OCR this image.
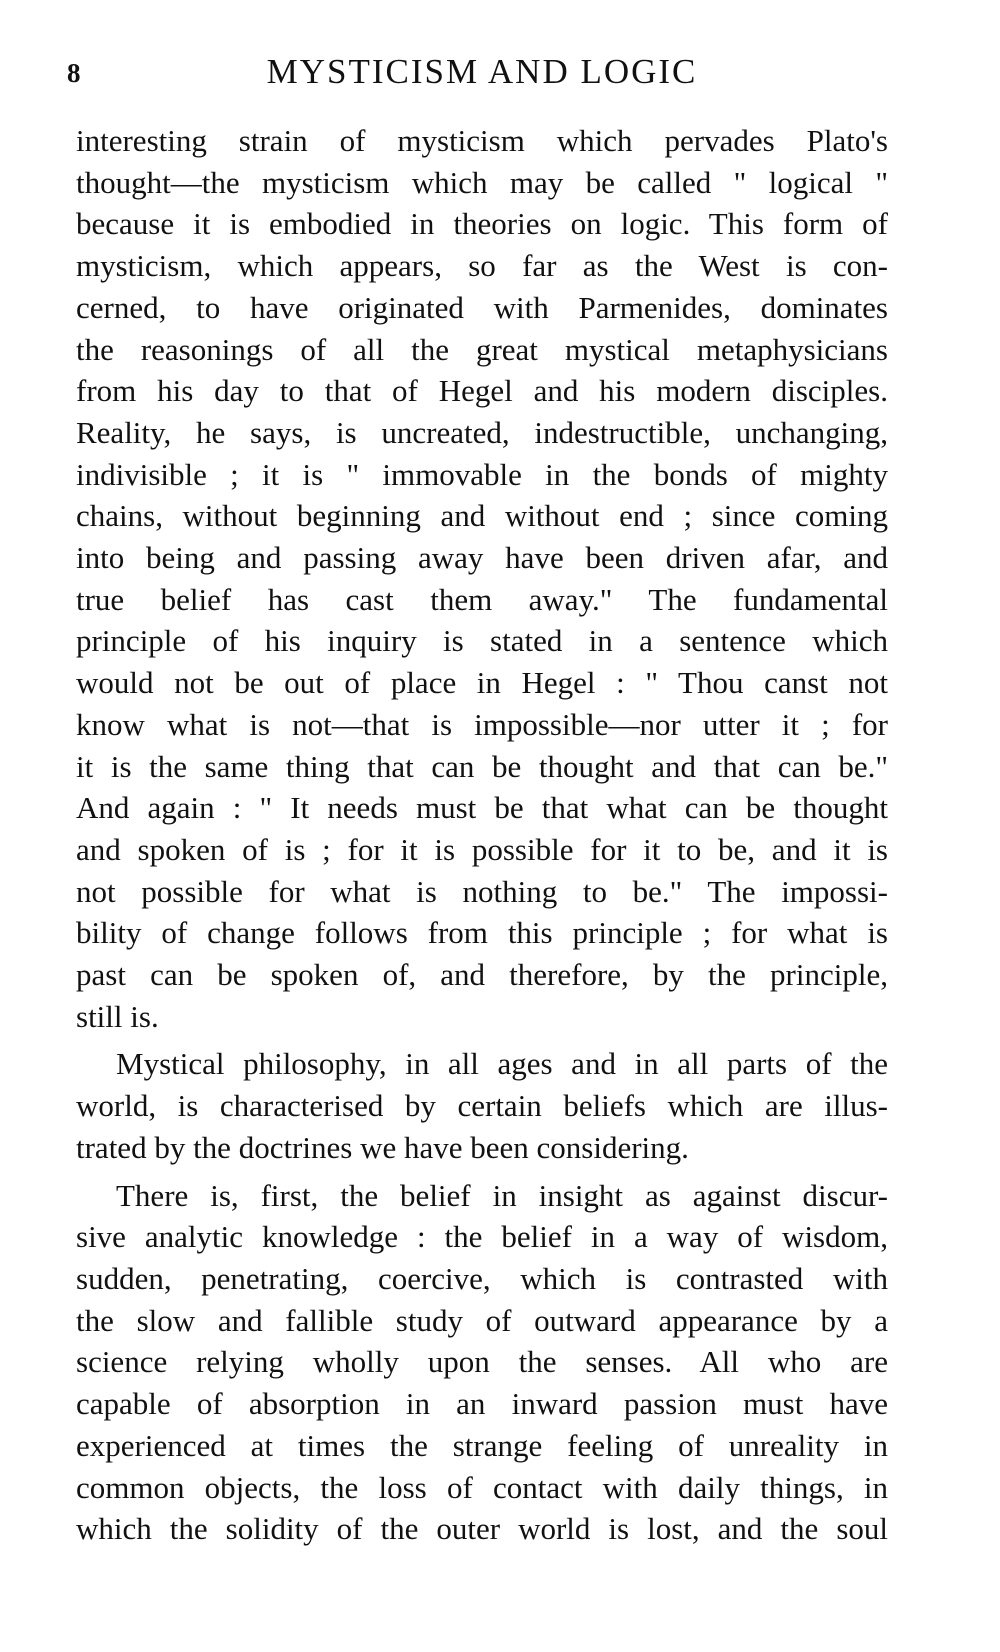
8	MYSTICISM AND LOGIC

interesting strain of mysticism which pervades Plato's
thought—the mysticism which may be called " logical "
because it is embodied in theories on logic. This form of
mysticism, which appears, so far as the West is con-
cerned, to have originated with Parmenides, dominates
the reasonings of all the great mystical metaphysicians
from his day to that of Hegel and his modern disciples.
Reality, he says, is uncreated, indestructible, unchanging,
indivisible ; it is " immovable in the bonds of mighty
chains, without beginning and without end ; since coming
into being and passing away have been driven afar, and
true belief has cast them away." The fundamental
principle of his inquiry is stated in a sentence which
would not be out of place in Hegel : " Thou canst not
know what is not—that is impossible—nor utter it ; for
it is the same thing that can be thought and that can be."
And again : " It needs must be that what can be thought
and spoken of is ; for it is possible for it to be, and it is
not possible for what is nothing to be." The impossi-
bility of change follows from this principle ; for what is
past can be spoken of, and therefore, by the principle,
still is.

Mystical philosophy, in all ages and in all parts of the
world, is characterised by certain beliefs which are illus-
trated by the doctrines we have been considering.

There is, first, the belief in insight as against discur-
sive analytic knowledge : the belief in a way of wisdom,
sudden, penetrating, coercive, which is contrasted with
the slow and fallible study of outward appearance by a
science relying wholly upon the senses. All who are
capable of absorption in an inward passion must have
experienced at times the strange feeling of unreality in
common objects, the loss of contact with daily things, in
which the solidity of the outer world is lost, and the soul
